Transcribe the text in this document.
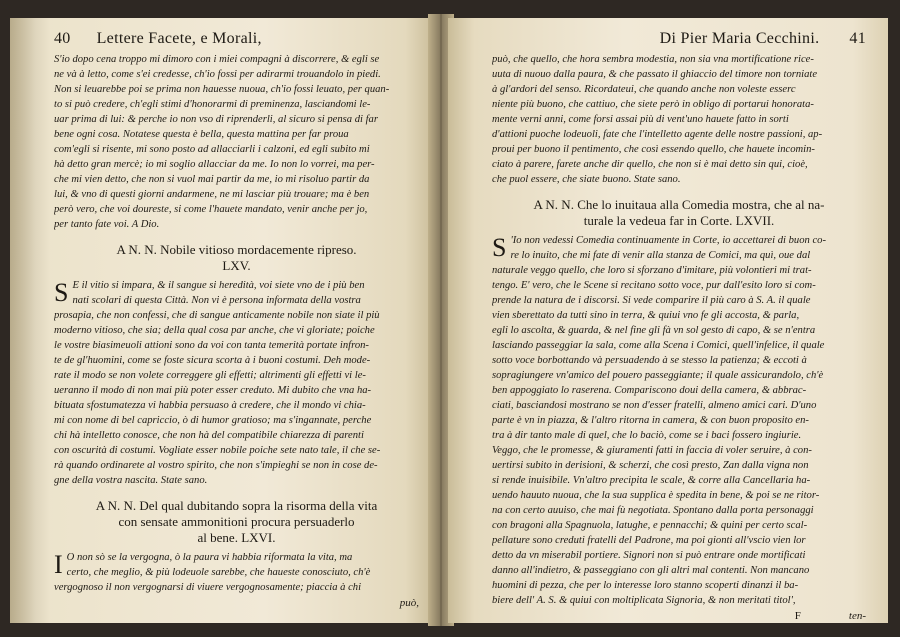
40 Lettere Facete, e Morali,
S'io dopo cena troppo mi dimoro con i miei compagni à discorrere, & egli se
ne và à letto, come s'ei credesse, ch'io fossi per adirarmi trouandolo in piedi.
Non si leuarebbe poi se prima non hauesse nuoua, ch'io fossi leuato, per quan-
to si può credere, ch'egli stimi d'honorarmi di preminenza, lasciandomi le-
uar prima di lui: & perche io non vso di riprenderli, al sicuro si pensa di far
bene ogni cosa. Notatese questa è bella, questa mattina per far proua
com'egli si risente, mi sono posto ad allacciarli i calzoni, ed egli subito mi
hà detto gran mercè; io mi soglio allacciar da me. Io non lo vorrei, ma per-
che mi vien detto, che non si vuol mai partir da me, io mi risoluo partir da
lui, & vno di questi giorni andarmene, ne mi lasciar più trouare; ma è ben
però vero, che voi doureste, si come l'hauete mandato, venir anche per jo,
per tanto fate voi. A Dio.
A N. N. Nobile vitioso mordacemente ripreso.
LXV.
S E il vitio si impara, & il sangue si heredità, voi siete vno de i più ben
nati scolari di questa Città. Non vi è persona informata della vostra
prosapia, che non confessi, che di sangue anticamente nobile non siate il più
moderno vitioso, che sia; della qual cosa par anche, che vi gloriate; poiche
le vostre biasimeuoli attioni sono da voi con tanta temerità portate infron-
te de gl'huomini, come se foste sicura scorta à i buoni costumi. Deh mode-
rate il modo se non volete correggere gli effetti; altrimenti gli effetti vi le-
ueranno il modo di non mai più poter esser creduto. Mi dubito che vna ha-
bituata sfostumatezza vi habbia persuaso à credere, che il mondo vi chia-
mi con nome di bel capriccio, ò di humor gratioso; ma s'ingannate, perche
chi hà intelletto conosce, che non hà del compatibile chiarezza di parenti
con oscurità di costumi. Vogliate esser nobile poiche sete nato tale, il che se-
rà quando ordinarete al vostro spirito, che non s'impieghi se non in cose de-
gne della vostra nascita. State sano.
A N. N. Del qual dubitando sopra la risorma della vita
con sensate ammonitioni procura persuaderlo
al bene. LXVI.
I O non sò se la vergogna, ò la paura vi habbia riformata la vita, ma
certo, che meglio, & più lodeuole sarebbe, che haueste conosciuto, ch'è
vergognoso il non vergognarsi di viuere vergognosamente; piaccia à chi
può,
Di Pier Maria Cecchini. 41
può, che quello, che hora sembra modestia, non sia vna mortificatione rice-
uuta di nuouo dalla paura, & che passato il ghiaccio del timore non torniate
à gl'ardori del senso. Ricordateui, che quando anche non voleste esserc
niente più buono, che cattiuo, che siete però in obligo di portarui honorata-
mente verni anni, come forsi assai più di vent'uno hauete fatto in sorti
d'attioni puoche lodeuoli, fate che l'intelletto agente delle nostre passioni, ap-
proui per buono il pentimento, che così essendo quello, che hauete incomin-
ciato à parere, farete anche dir quello, che non si è mai detto sin qui, cioè,
che puol essere, che siate buono. State sano.
A N. N. Che lo inuitaua alla Comedia mostra, che al na-
turale la vedeua far in Corte. LXVII.
S 'Io non vedessi Comedia continuamente in Corte, io accettarei di buon co-
re lo inuito, che mi fate di venir alla stanza de Comici, ma quì, oue dal
naturale veggo quello, che loro si sforzano d'imitare, più volontieri mi trat-
tengo. E' vero, che le Scene si recitano sotto voce, pur dall'esito loro si com-
prende la natura de i discorsi. Si vede comparire il più caro à S. A. il quale
vien sberettato da tutti sino in terra, & quiui vno fe gli accosta, & parla,
egli lo ascolta, & guarda, & nel fine gli fà vn sol gesto di capo, & se n'entra
lasciando passeggiar la sala, come alla Scena i Comici, quell'infelice, il quale
sotto voce borbottando và persuadendo à se stesso la patienza; & eccoti à
sopragiungere vn'amico del pouero passeggiante; il quale assicurandolo, ch'è
ben appoggiato lo raserena. Compariscono doui della camera, & abbrac-
ciati, basciandosi mostrano se non d'esser fratelli, almeno amici cari. D'uno
parte è vn in piazza, & l'altro ritorna in camera, & con buon proposito en-
tra à dir tanto male di quel, che lo baciò, come se i baci fossero ingiurie.
Veggo, che le promesse, & giuramenti fatti in faccia di voler seruire, à con-
uertirsi subito in derisioni, & scherzi, che così presto, Zan dalla vigna non
si rende inuisibile. Vn'altro precipita le scale, & corre alla Cancellaria ha-
uendo hauuto nuoua, che la sua supplica è spedita in bene, & poi se ne ritor-
na con certo auuiso, che mai fù negotiata. Spontano dalla porta personaggi
con bragoni alla Spagnuola, latughe, e pennacchi; & quini per certo scal-
pellature sono creduti fratelli del Padrone, ma poi gionti all'vscio vien lor
detto da vn miserabil portiere. Signori non si può entrare onde mortificati
danno all'indietro, & passeggiano con gli altri mal contenti. Non mancano
huomini di pezza, che per lo interesse loro stanno scoperti dinanzi il ba-
biere dell' A. S. & quiui con moltiplicata Signoria, & non meritati titol',
F	ten-
